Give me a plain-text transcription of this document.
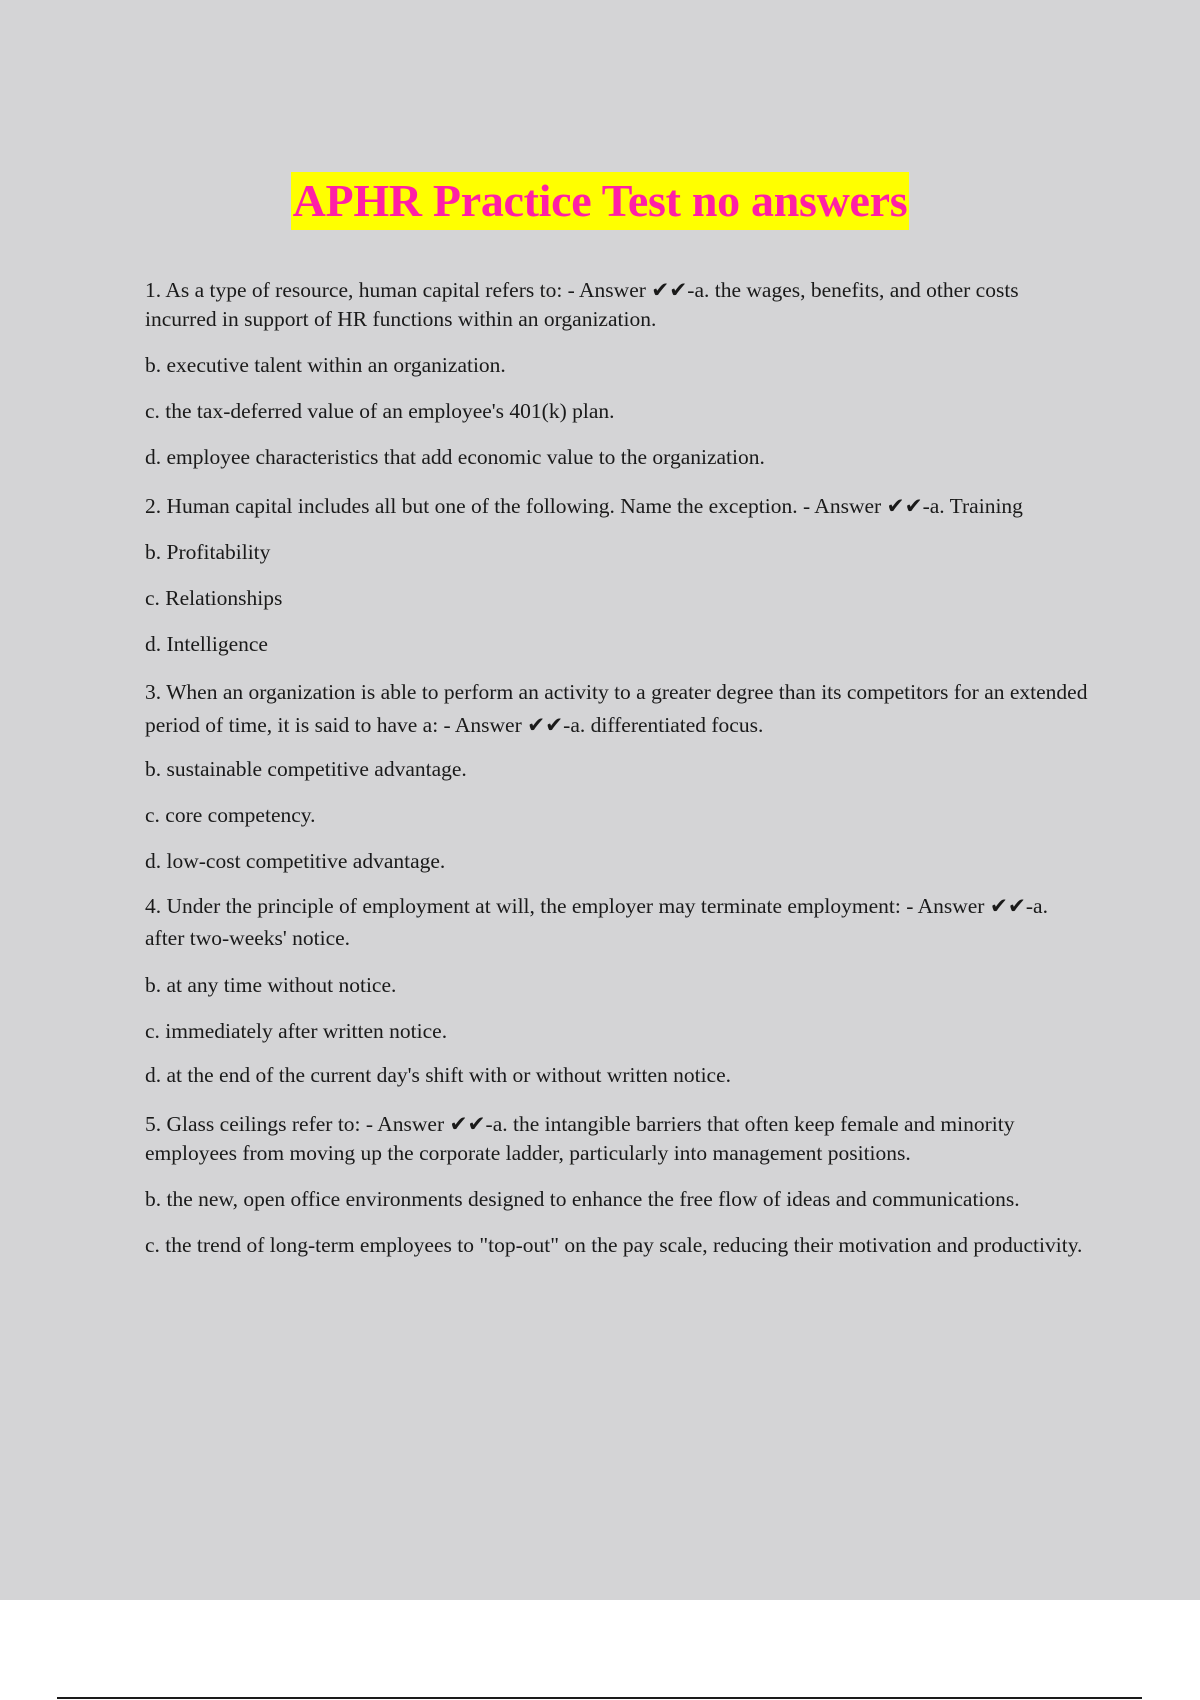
APHR Practice Test no answers

1. As a type of resource, human capital refers to: - Answer ✔✔-a. the wages, benefits, and other costs incurred in support of HR functions within an organization.

b. executive talent within an organization.

c. the tax-deferred value of an employee's 401(k) plan.

d. employee characteristics that add economic value to the organization.

2. Human capital includes all but one of the following. Name the exception. - Answer ✔✔-a. Training

b. Profitability

c. Relationships

d. Intelligence

3. When an organization is able to perform an activity to a greater degree than its competitors for an extended period of time, it is said to have a: - Answer ✔✔-a. differentiated focus.

b. sustainable competitive advantage.

c. core competency.

d. low-cost competitive advantage.

4. Under the principle of employment at will, the employer may terminate employment: - Answer ✔✔-a. after two-weeks' notice.

b. at any time without notice.

c. immediately after written notice.

d. at the end of the current day's shift with or without written notice.

5. Glass ceilings refer to: - Answer ✔✔-a. the intangible barriers that often keep female and minority employees from moving up the corporate ladder, particularly into management positions.

b. the new, open office environments designed to enhance the free flow of ideas and communications.

c. the trend of long-term employees to "top-out" on the pay scale, reducing their motivation and productivity.
